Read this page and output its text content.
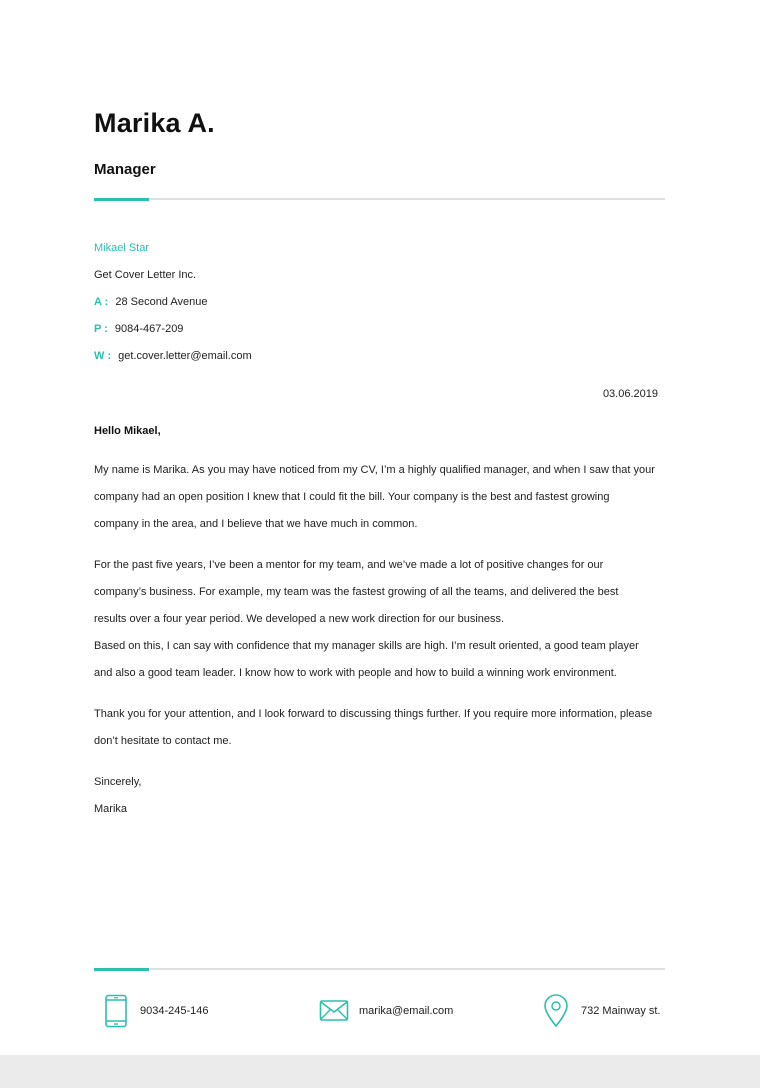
Marika A.
Manager
Mikael Star
Get Cover Letter Inc.
A : 28 Second Avenue
P : 9084-467-209
W : get.cover.letter@email.com
03.06.2019
Hello Mikael,
My name is Marika. As you may have noticed from my CV, I’m a highly qualified manager, and when I saw that your
company had an open position I knew that I could fit the bill. Your company is the best and fastest growing
company in the area, and I believe that we have much in common.
For the past five years, I’ve been a mentor for my team, and we’ve made a lot of positive changes for our
company’s business. For example, my team was the fastest growing of all the teams, and delivered the best
results over a four year period. We developed a new work direction for our business.
Based on this, I can say with confidence that my manager skills are high. I’m result oriented, a good team player
and also a good team leader. I know how to work with people and how to build a winning work environment.
Thank you for your attention, and I look forward to discussing things further. If you require more information, please
don’t hesitate to contact me.
Sincerely,
Marika
9034-245-146	marika@email.com	732 Mainway st.
